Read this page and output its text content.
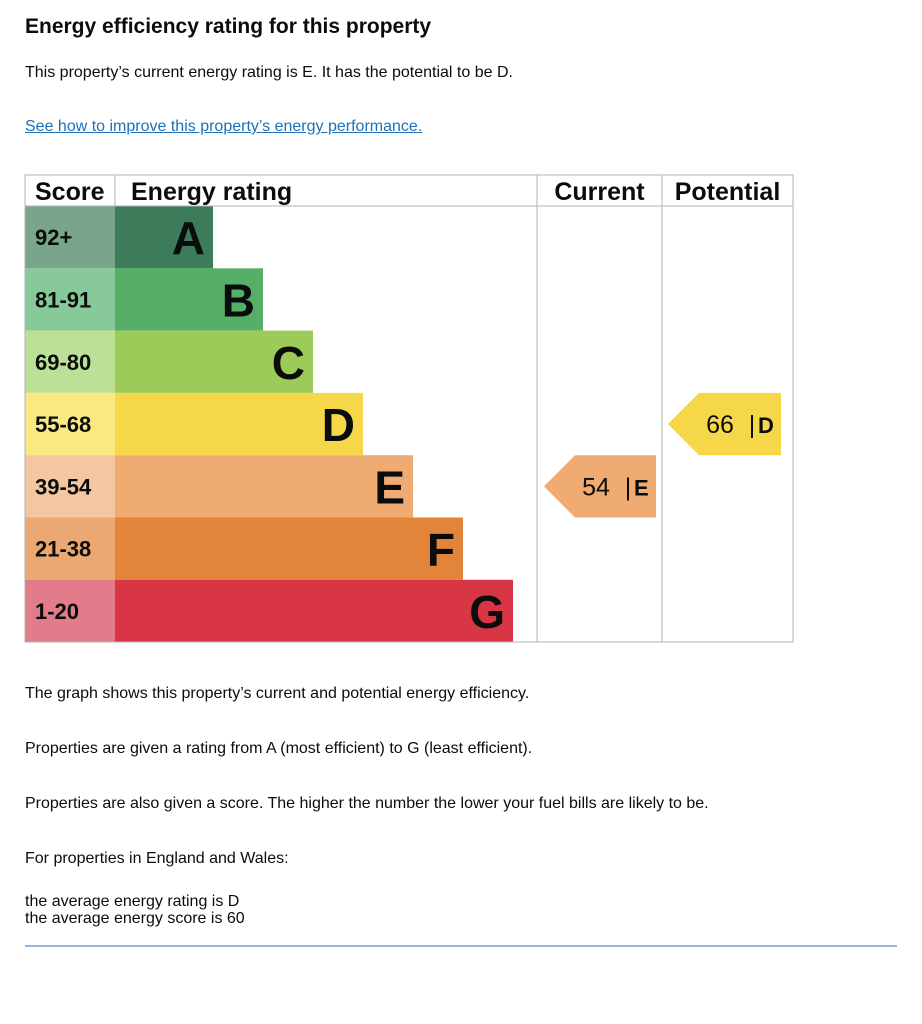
Energy efficiency rating for this property
This property’s current energy rating is E. It has the potential to be D.
See how to improve this property’s energy performance.
92+ A
81-91	B
69-80	C
55-68	D
39-54	E
21-38	F
1-20	G
Score Energy rating	Current Potential
54 | E
66 | D
The graph shows this property’s current and potential energy efficiency.
Properties are given a rating from A (most efficient) to G (least efficient).
Properties are also given a score. The higher the number the lower your fuel bills are likely to be.
For properties in England and Wales:
the average energy rating is D
the average energy score is 60
